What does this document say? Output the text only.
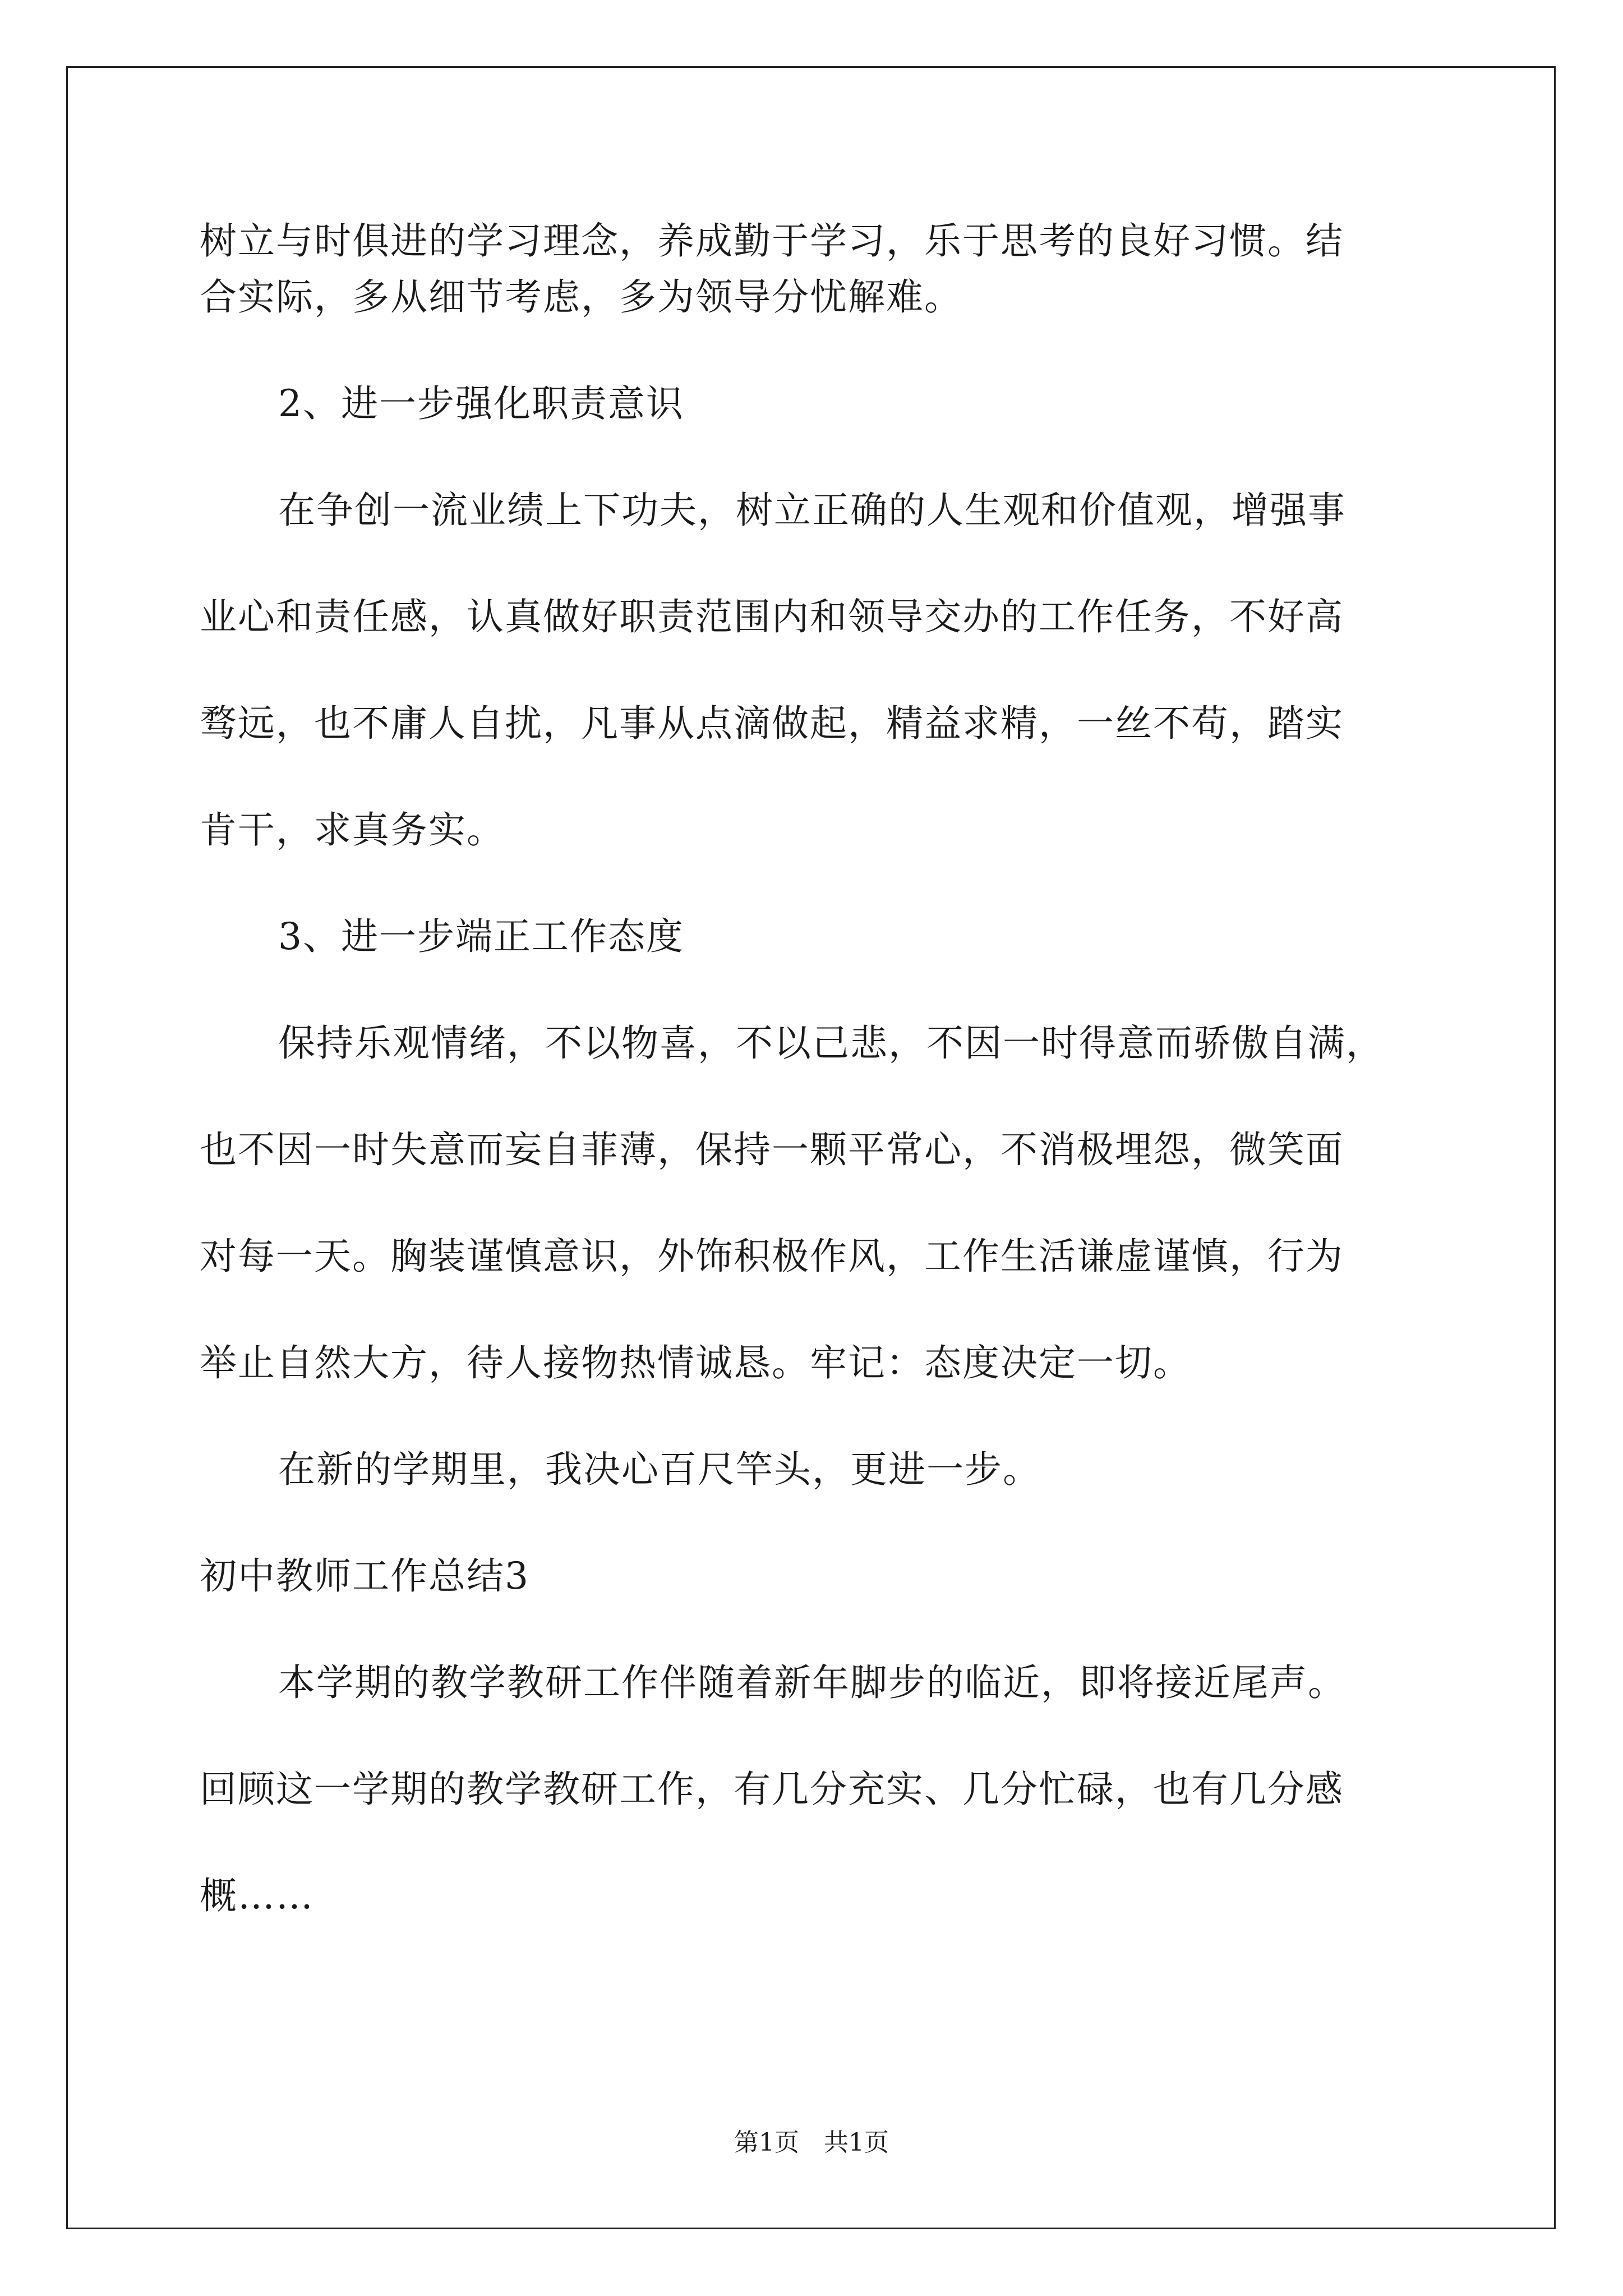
树立与时俱进的学习理念，养成勤于学习，乐于思考的良好习惯。结
合实际，多从细节考虑，多为领导分忧解难。
2、进一步强化职责意识
在争创一流业绩上下功夫，树立正确的人生观和价值观，增强事
业心和责任感，认真做好职责范围内和领导交办的工作任务，不好高
骛远，也不庸人自扰，凡事从点滴做起，精益求精，一丝不苟，踏实
肯干，求真务实。
3、进一步端正工作态度
保持乐观情绪，不以物喜，不以己悲，不因一时得意而骄傲自满，
也不因一时失意而妄自菲薄，保持一颗平常心，不消极埋怨，微笑面
对每一天。胸装谨慎意识，外饰积极作风，工作生活谦虚谨慎，行为
举止自然大方，待人接物热情诚恳。牢记：态度决定一切。
在新的学期里，我决心百尺竿头，更进一步。
初中教师工作总结3
本学期的教学教研工作伴随着新年脚步的临近，即将接近尾声。
回顾这一学期的教学教研工作，有几分充实、几分忙碌，也有几分感
概……
第1页 共1页
